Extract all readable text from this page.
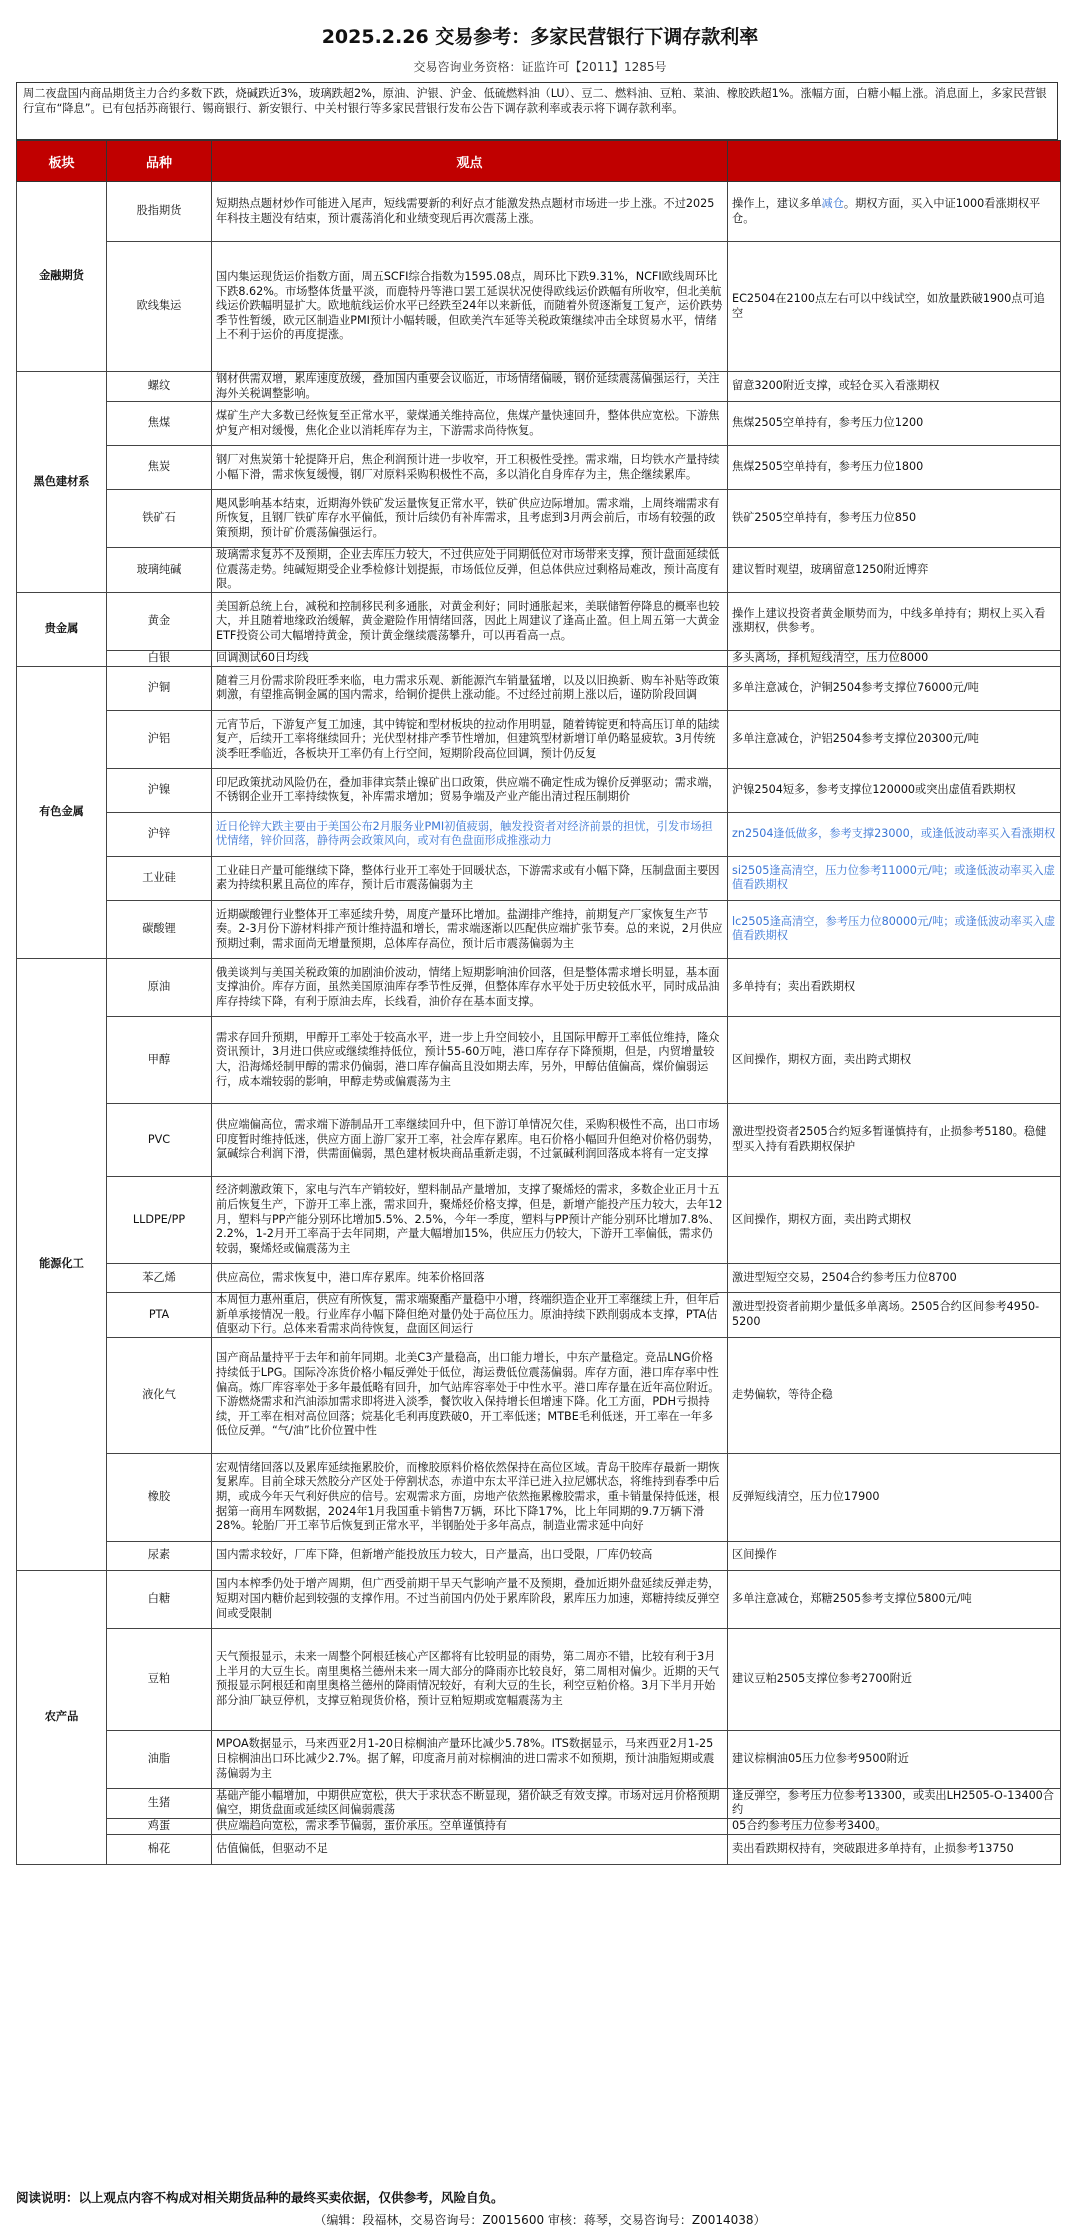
2025.2.26 交易参考：多家民营银行下调存款利率
交易咨询业务资格：证监许可【2011】1285号
周二夜盘国内商品期货主力合约多数下跌，烧碱跌近3%，玻璃跌超2%，原油、沪银、沪金、低硫燃料油（LU）、豆二、燃料油、豆粕、菜油、橡胶跌超1%。涨幅方面，白糖小幅上涨。消息面上，多家民营银行宣布“降息”。已有包括苏商银行、锡商银行、新安银行、中关村银行等多家民营银行发布公告下调存款利率或表示将下调存款利率。
板块	品种	观点	
金融期货	股指期货	短期热点题材炒作可能进入尾声，短线需要新的利好点才能激发热点题材市场进一步上涨。不过2025年科技主题没有结束，预计震荡消化和业绩变现后再次震荡上涨。	操作上，建议多单减仓。期权方面，买入中证1000看涨期权平仓。
	欧线集运	国内集运现货运价指数方面，周五SCFI综合指数为1595.08点，周环比下跌9.31%，NCFI欧线周环比下跌8.62%。市场整体货量平淡，而鹿特丹等港口罢工延误状况使得欧线运价跌幅有所收窄，但北美航线运价跌幅明显扩大。欧地航线运价水平已经跌至24年以来新低，而随着外贸逐渐复工复产，运价跌势季节性暂缓，欧元区制造业PMI预计小幅转暖，但欧美汽车延等关税政策继续冲击全球贸易水平，情绪上不利于运价的再度提涨。	EC2504在2100点左右可以中线试空，如放量跌破1900点可追空
黑色建材系	螺纹	钢材供需双增，累库速度放缓，叠加国内重要会议临近，市场情绪偏暖，钢价延续震荡偏强运行，关注海外关税调整影响。	留意3200附近支撑，或轻仓买入看涨期权
	焦煤	煤矿生产大多数已经恢复至正常水平，蒙煤通关维持高位，焦煤产量快速回升，整体供应宽松。下游焦炉复产相对缓慢，焦化企业以消耗库存为主，下游需求尚待恢复。	焦煤2505空单持有，参考压力位1200
	焦炭	钢厂对焦炭第十轮提降开启，焦企利润预计进一步收窄，开工积极性受挫。需求端，日均铁水产量持续小幅下滑，需求恢复缓慢，钢厂对原料采购积极性不高，多以消化自身库存为主，焦企继续累库。	焦煤2505空单持有，参考压力位1800
	铁矿石	飓风影响基本结束，近期海外铁矿发运量恢复正常水平，铁矿供应边际增加。需求端，上周终端需求有所恢复，且钢厂铁矿库存水平偏低，预计后续仍有补库需求，且考虑到3月两会前后，市场有较强的政策预期，预计矿价震荡偏强运行。	铁矿2505空单持有，参考压力位850
	玻璃纯碱	玻璃需求复苏不及预期，企业去库压力较大，不过供应处于同期低位对市场带来支撑，预计盘面延续低位震荡走势。纯碱短期受企业季检修计划提振，市场低位反弹，但总体供应过剩格局难改，预计高度有限。	建议暂时观望，玻璃留意1250附近博弈
贵金属	黄金	美国新总统上台，减税和控制移民利多通胀，对黄金利好；同时通胀起来，美联储暂停降息的概率也较大，并且随着地缘政治缓解，黄金避险作用情绪回落，因此上周建议了逢高止盈。但上周五第一大黄金ETF投资公司大幅增持黄金，预计黄金继续震荡攀升，可以再看高一点。	操作上建议投资者黄金顺势而为，中线多单持有；期权上买入看涨期权，供参考。
	白银	回调测试60日均线	多头离场，择机短线清空，压力位8000
有色金属	沪铜	随着三月份需求阶段旺季来临，电力需求乐观、新能源汽车销量猛增，以及以旧换新、购车补贴等政策刺激，有望推高铜金属的国内需求，给铜价提供上涨动能。不过经过前期上涨以后，谨防阶段回调	多单注意减仓，沪铜2504参考支撑位76000元/吨
	沪铝	元宵节后，下游复产复工加速，其中铸锭和型材板块的拉动作用明显，随着铸锭更和特高压订单的陆续复产，后续开工率将继续回升；光伏型材排产季节性增加，但建筑型材新增订单仍略显疲软。3月传统淡季旺季临近，各板块开工率仍有上行空间，短期阶段高位回调，预计仍反复	多单注意减仓，沪铝2504参考支撑位20300元/吨
	沪镍	印尼政策扰动风险仍在，叠加菲律宾禁止镍矿出口政策，供应端不确定性成为镍价反弹驱动；需求端，不锈钢企业开工率持续恢复，补库需求增加；贸易争端及产业产能出清过程压制期价	沪镍2504短多，参考支撑位120000或突出虚值看跌期权
	沪锌	近日伦锌大跌主要由于美国公布2月服务业PMI初值疲弱，触发投资者对经济前景的担忧，引发市场担忧情绪，锌价回落，静待两会政策风向，或对有色盘面形成推涨动力	zn2504逢低做多，参考支撑23000，或逢低波动率买入看涨期权
	工业硅	工业硅日产量可能继续下降，整体行业开工率处于回暖状态，下游需求或有小幅下降，压制盘面主要因素为持续积累且高位的库存，预计后市震荡偏弱为主	si2505逢高清空，压力位参考11000元/吨；或逢低波动率买入虚值看跌期权
	碳酸锂	近期碳酸锂行业整体开工率延续升势，周度产量环比增加。盐湖排产维持，前期复产厂家恢复生产节奏。2-3月份下游材料排产预计维持温和增长，需求端逐渐以匹配供应端扩张节奏。总的来说，2月供应预期过剩，需求面尚无增量预期，总体库存高位，预计后市震荡偏弱为主	lc2505逢高清空，参考压力位80000元/吨；或逢低波动率买入虚值看跌期权
能源化工	原油	俄美谈判与美国关税政策的加剧油价波动，情绪上短期影响油价回落，但是整体需求增长明显，基本面支撑油价。库存方面，虽然美国原油库存季节性反弹，但整体库存水平处于历史较低水平，同时成品油库存持续下降，有利于原油去库，长线看，油价存在基本面支撑。	多单持有；卖出看跌期权
	甲醇	需求存回升预期，甲醇开工率处于较高水平，进一步上升空间较小，且国际甲醇开工率低位维持，隆众资讯预计，3月进口供应或继续维持低位，预计55-60万吨，港口库存存下降预期，但是，内贸增量较大，沿海烯烃制甲醇的需求仍偏弱，港口库存偏高且没如期去库，另外，甲醇估值偏高，煤价偏弱运行，成本端较弱的影响，甲醇走势或偏震荡为主	区间操作，期权方面，卖出跨式期权
	PVC	供应端偏高位，需求端下游制品开工率继续回升中，但下游订单情况欠佳，采购积极性不高，出口市场印度暂时维持低迷，供应方面上游厂家开工率，社会库存累库。电石价格小幅回升但绝对价格仍弱势，氯碱综合利润下滑，供需面偏弱，黑色建材板块商品重新走弱，不过氯碱利润回落成本将有一定支撑	激进型投资者2505合约短多暂谨慎持有，止损参考5180。稳健型买入持有看跌期权保护
	LLDPE/PP	经济刺激政策下，家电与汽车产销较好，塑料制品产量增加，支撑了聚烯烃的需求，多数企业正月十五前后恢复生产，下游开工率上涨，需求回升，聚烯烃价格支撑，但是，新增产能投产压力较大，去年12月，塑料与PP产能分别环比增加5.5%、2.5%，今年一季度，塑料与PP预计产能分别环比增加7.8%、2.2%，1-2月开工率高于去年同期，产量大幅增加15%，供应压力仍较大，下游开工率偏低，需求仍较弱，聚烯烃或偏震荡为主	区间操作，期权方面，卖出跨式期权
	苯乙烯	供应高位，需求恢复中，港口库存累库。纯苯价格回落	激进型短空交易，2504合约参考压力位8700
	PTA	本周恒力惠州重启，供应有所恢复，需求端聚酯产量稳中小增，终端织造企业开工率继续上升，但年后新单承接情况一般。行业库存小幅下降但绝对量仍处于高位压力。原油持续下跌削弱成本支撑，PTA估值驱动下行。总体来看需求尚待恢复，盘面区间运行	激进型投资者前期少量低多单离场。2505合约区间参考4950-5200
	液化气	国产商品量持平于去年和前年同期。北美C3产量稳高，出口能力增长，中东产量稳定。竞品LNG价格持续低于LPG。国际冷冻货价格小幅反弹处于低位，海运费低位震荡偏弱。库存方面，港口库存率中性偏高。炼厂库容率处于多年最低略有回升，加气站库容率处于中性水平。港口库存量在近年高位附近。下游燃烧需求和汽油添加需求即将进入淡季，餐饮收入保持增长但增速下降。化工方面，PDH亏损持续，开工率在相对高位回落；烷基化毛利再度跌破0，开工率低迷；MTBE毛利低迷，开工率在一年多低位反弹。“气/油”比价位置中性	走势偏软，等待企稳
	橡胶	宏观情绪回落以及累库延续拖累胶价，而橡胶原料价格依然保持在高位区域。青岛干胶库存最新一期恢复累库。目前全球天然胶分产区处于停割状态，赤道中东太平洋已进入拉尼娜状态，将维持到春季中后期，或成今年天气利好供应的信号。宏观需求方面，房地产依然拖累橡胶需求，重卡销量保持低迷，根据第一商用车网数据，2024年1月我国重卡销售7万辆，环比下降17%，比上年同期的9.7万辆下滑28%。轮胎厂开工率节后恢复到正常水平，半钢胎处于多年高点，制造业需求延中向好	反弹短线清空，压力位17900
	尿素	国内需求较好，厂库下降，但新增产能投放压力较大，日产量高，出口受限，厂库仍较高	区间操作
农产品	白糖	国内本榨季仍处于增产周期，但广西受前期干旱天气影响产量不及预期，叠加近期外盘延续反弹走势，短期对国内糖价起到较强的支撑作用。不过当前国内仍处于累库阶段，累库压力加速，郑糖持续反弹空间或受限制	多单注意减仓，郑糖2505参考支撑位5800元/吨
	豆粕	天气预报显示，未来一周整个阿根廷核心产区都将有比较明显的雨势，第二周亦不错，比较有利于3月上半月的大豆生长。南里奥格兰德州未来一周大部分的降雨亦比较良好，第二周相对偏少。近期的天气预报显示阿根廷和南里奥格兰德州的降雨情况较好，有利大豆的生长，利空豆粕价格。3月下半月开始部分油厂缺豆停机，支撑豆粕现货价格，预计豆粕短期或宽幅震荡为主	建议豆粕2505支撑位参考2700附近
	油脂	MPOA数据显示，马来西亚2月1-20日棕榈油产量环比减少5.78%。ITS数据显示，马来西亚2月1-25日棕榈油出口环比减少2.7%。据了解，印度斋月前对棕榈油的进口需求不如预期，预计油脂短期或震荡偏弱为主	建议棕榈油05压力位参考9500附近
	生猪	基础产能小幅增加，中期供应宽松，供大于求状态不断显现，猪价缺乏有效支撑。市场对远月价格预期偏空，期货盘面或延续区间偏弱震荡	逢反弹空，参考压力位参考13300，或卖出LH2505-O-13400合约
	鸡蛋	供应端趋向宽松，需求季节偏弱，蛋价承压。空单谨慎持有	05合约参考压力位参考3400。
	棉花	估值偏低，但驱动不足	卖出看跌期权持有，突破跟进多单持有，止损参考13750
阅读说明：以上观点内容不构成对相关期货品种的最终买卖依据，仅供参考，风险自负。
（编辑：段福林，交易咨询号：Z0015600 审核：蒋琴，交易咨询号：Z0014038）
